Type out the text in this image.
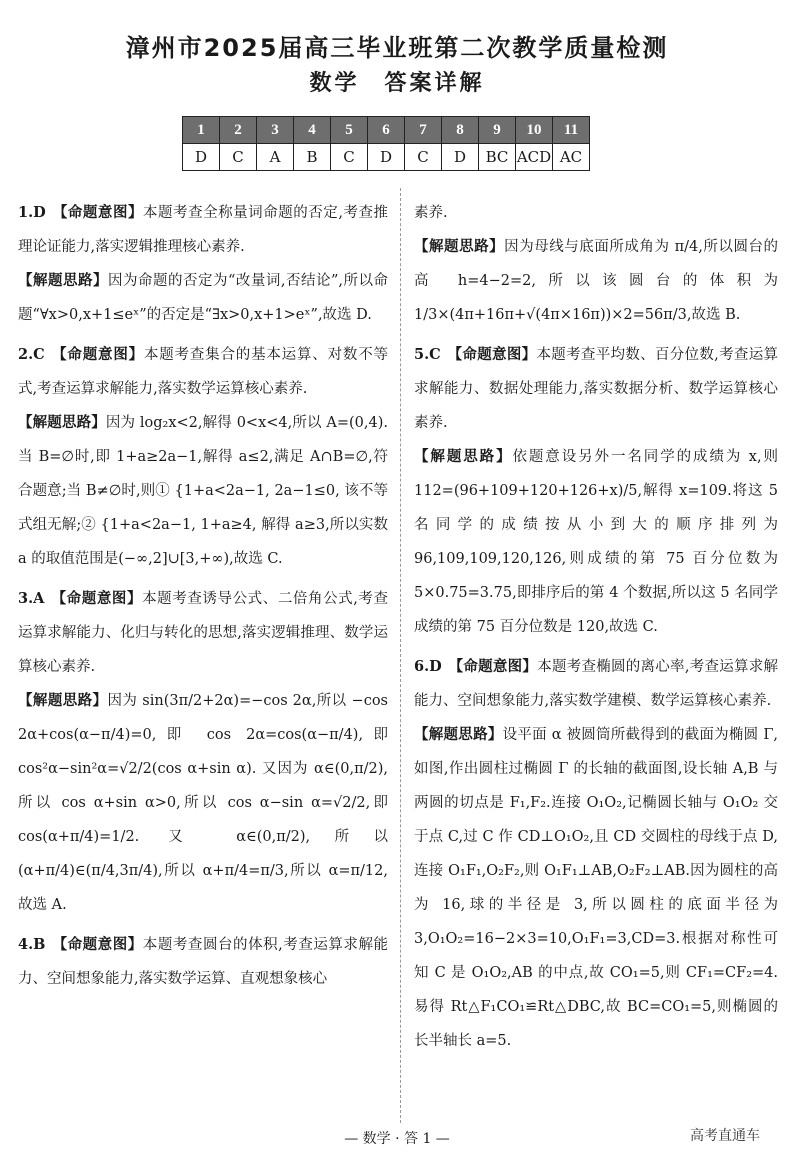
漳州市2025届高三毕业班第二次教学质量检测
数学　答案详解
1	2	3	4	5	6	7	8	9	10	11
D	C	A	B	C	D	C	D	BC	ACD	AC

1.D 【命题意图】本题考查全称量词命题的否定,考查推理论证能力,落实逻辑推理核心素养.

【解题思路】因为命题的否定为“改量词,否结论”,所以命题“∀x>0,x+1≤eˣ”的否定是“∃x>0,x+1>eˣ”,故选 D.

2.C 【命题意图】本题考查集合的基本运算、对数不等式,考查运算求解能力,落实数学运算核心素养.

【解题思路】因为 log₂x<2,解得 0<x<4,所以 A=(0,4). 当 B=∅时,即 1+a≥2a−1,解得 a≤2,满足 A∩B=∅,符合题意;当 B≠∅时,则① {1+a<2a−1, 2a−1≤0, 该不等式组无解;② {1+a<2a−1, 1+a≥4, 解得 a≥3,所以实数 a 的取值范围是(−∞,2]∪[3,+∞),故选 C.

3.A 【命题意图】本题考查诱导公式、二倍角公式,考查运算求解能力、化归与转化的思想,落实逻辑推理、数学运算核心素养.

【解题思路】因为 sin(3π/2+2α)=−cos 2α,所以 −cos 2α+cos(α−π/4)=0,即 cos 2α=cos(α−π/4),即 cos²α−sin²α=√2/2(cos α+sin α). 又因为 α∈(0,π/2),所以 cos α+sin α>0,所以 cos α−sin α=√2/2,即 cos(α+π/4)=1/2. 又 α∈(0,π/2),所以 (α+π/4)∈(π/4,3π/4),所以 α+π/4=π/3,所以 α=π/12,故选 A.

4.B 【命题意图】本题考查圆台的体积,考查运算求解能力、空间想象能力,落实数学运算、直观想象核心

素养.

【解题思路】因为母线与底面所成角为 π/4,所以圆台的高 h=4−2=2,所以该圆台的体积为 1/3×(4π+16π+√(4π×16π))×2=56π/3,故选 B.

5.C 【命题意图】本题考查平均数、百分位数,考查运算求解能力、数据处理能力,落实数据分析、数学运算核心素养.

【解题思路】依题意设另外一名同学的成绩为 x,则 112=(96+109+120+126+x)/5,解得 x=109.将这 5 名同学的成绩按从小到大的顺序排列为 96,109,109,120,126,则成绩的第 75 百分位数为 5×0.75=3.75,即排序后的第 4 个数据,所以这 5 名同学成绩的第 75 百分位数是 120,故选 C.

6.D 【命题意图】本题考查椭圆的离心率,考查运算求解能力、空间想象能力,落实数学建模、数学运算核心素养.

【解题思路】设平面 α 被圆筒所截得到的截面为椭圆 Γ,如图,作出圆柱过椭圆 Γ 的长轴的截面图,设长轴 A,B 与两圆的切点是 F₁,F₂.连接 O₁O₂,记椭圆长轴与 O₁O₂ 交于点 C,过 C 作 CD⊥O₁O₂,且 CD 交圆柱的母线于点 D,连接 O₁F₁,O₂F₂,则 O₁F₁⊥AB,O₂F₂⊥AB.因为圆柱的高为 16,球的半径是 3,所以圆柱的底面半径为 3,O₁O₂=16−2×3=10,O₁F₁=3,CD=3.根据对称性可知 C 是 O₁O₂,AB 的中点,故 CO₁=5,则 CF₁=CF₂=4.易得 Rt△F₁CO₁≌Rt△DBC,故 BC=CO₁=5,则椭圆的长半轴长 a=5.

— 数学 · 答 1 —	高考直通车
